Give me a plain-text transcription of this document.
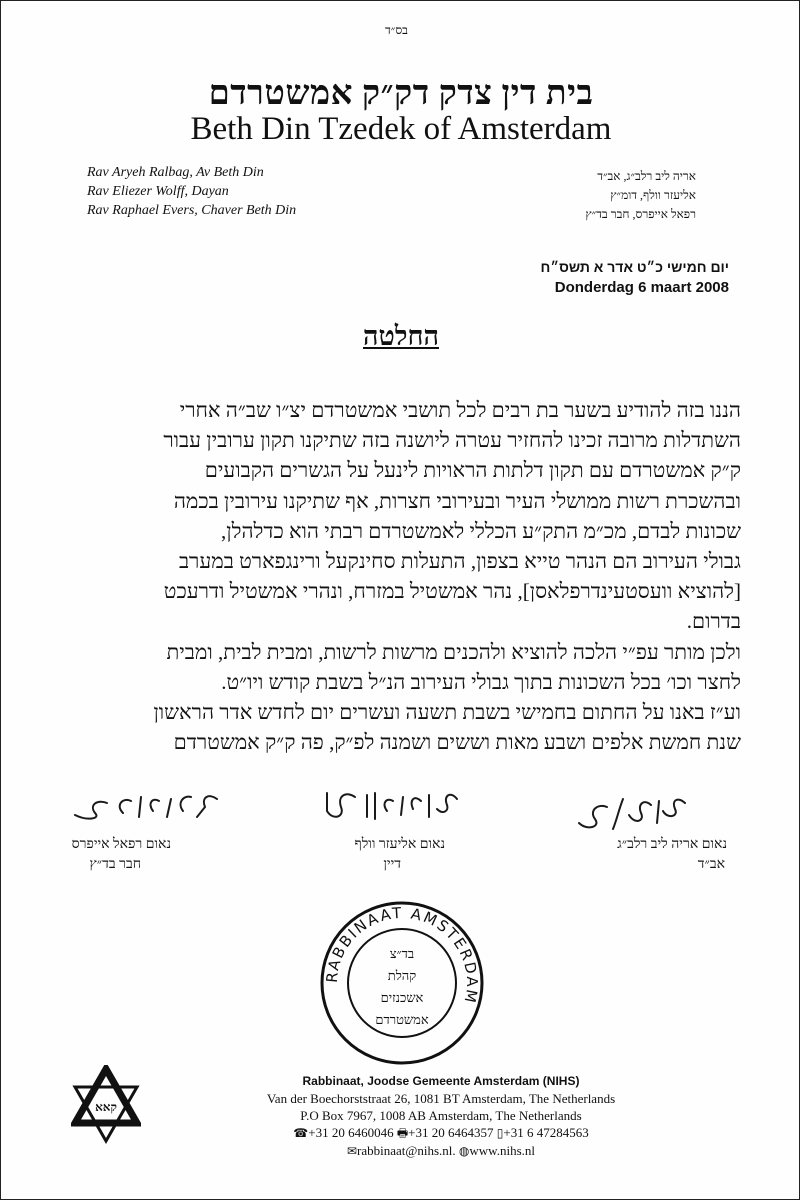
בס״ד
בית דין צדק דק״ק אמשטרדם
Beth Din Tzedek of Amsterdam
Rav Aryeh Ralbag, Av Beth Din
Rav Eliezer Wolff, Dayan
Rav Raphael Evers, Chaver Beth Din
אריה ליב רלב״ג, אב״ד
אליעזר וולף, דומ״ץ
רפאל אייפרס, חבר בד״ץ
יום חמישי כ״ט אדר א תשס״ח
Donderdag 6 maart 2008
החלטה
הננו בזה להודיע בשער בת רבים לכל תושבי אמשטרדם יצ״ו שב״ה אחרי
השתדלות מרובה זכינו להחזיר עטרה ליושנה בזה שתיקנו תקון ערובין עבור
ק״ק אמשטרדם עם תקון דלתות הראויות לינעל על הגשרים הקבועים
ובהשכרת רשות ממושלי העיר ובעירובי חצרות, אף שתיקנו עירובין בכמה
שכונות לבדם, מכ״מ התק״ע הכללי לאמשטרדם רבתי הוא כדלהלן,
גבולי העירוב הם הנהר טייא בצפון, התעלות סחינקעל ורינגפארט במערב
[להוציא וועסטעינדרפלאסן], נהר אמשטיל במזרח, ונהרי אמשטיל ודרעכט
בדרום.
ולכן מותר עפ״י הלכה להוציא ולהכנים מרשות לרשות, ומבית לבית, ומבית
לחצר וכו׳ בכל השכונות בתוך גבולי העירוב הנ״ל בשבת קודש ויו״ט.
וע״ז באנו על החתום בחמישי בשבת תשעה ועשרים יום לחדש אדר הראשון
שנת חמשת אלפים ושבע מאות וששים ושמנה לפ״ק, פה ק״ק אמשטרדם
נאום אריה ליב רלב״ג
אב״ד
נאום אליעזר וולף
דיין
נאום רפאל אייפרס
חבר בד״ץ
RABBINAAT AMSTERDAM
בד״צ
קהלת
אשכנזים
אמשטרדם
קאא
Rabbinaat, Joodse Gemeente Amsterdam (NIHS)
Van der Boechorststraat 26, 1081 BT Amsterdam, The Netherlands
P.O Box 7967, 1008 AB Amsterdam, The Netherlands
☎+31 20 6460046 🖶+31 20 6464357 ▯+31 6 47284563
✉rabbinaat@nihs.nl. ◍www.nihs.nl
